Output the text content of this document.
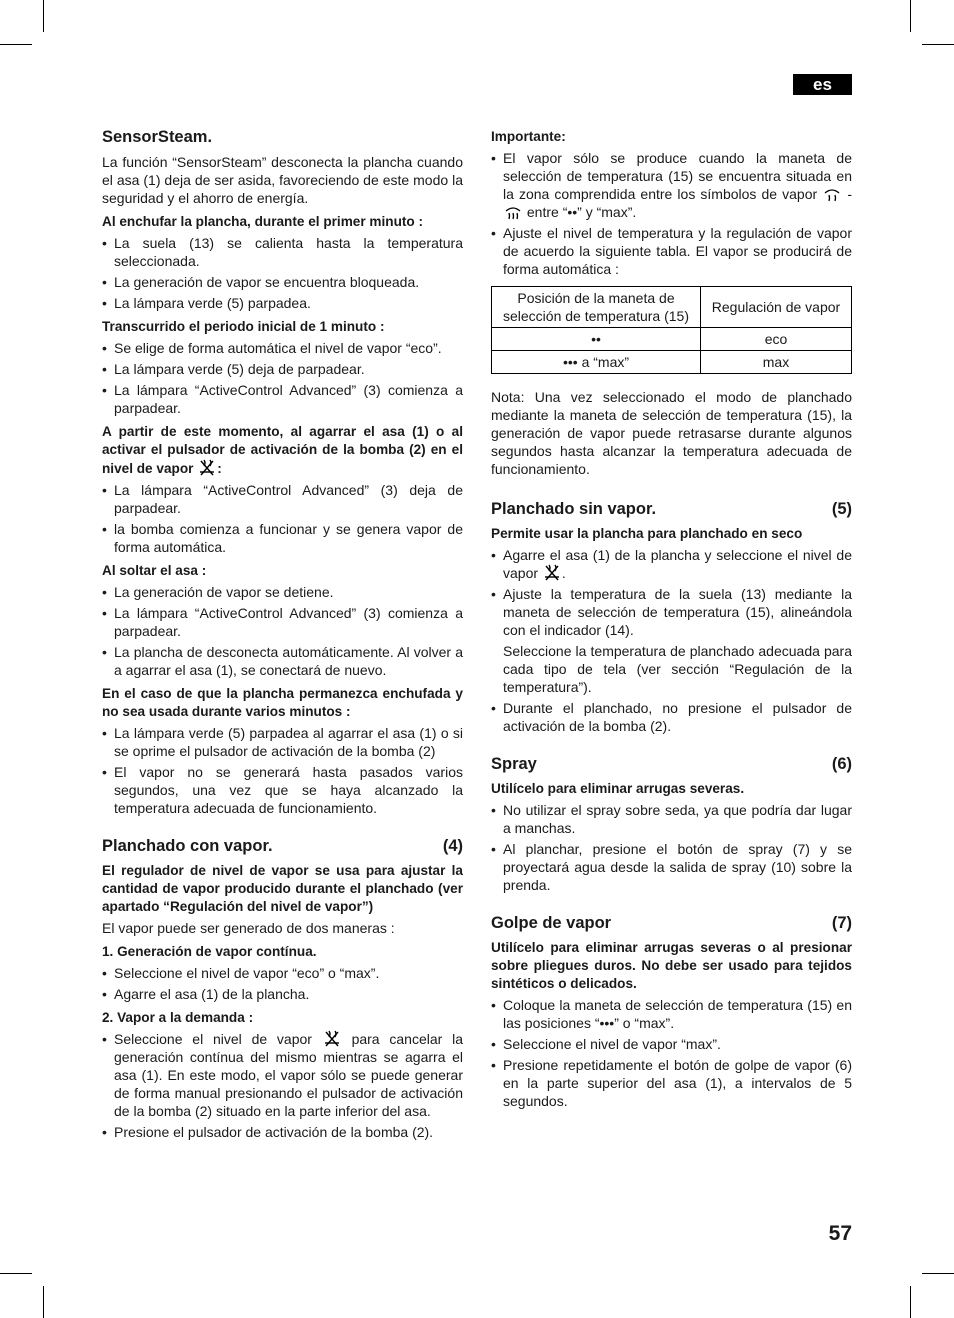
es
SensorSteam.

La función “SensorSteam” desconecta la plancha cuando el asa (1) deja de ser asida, favoreciendo de este modo la seguridad y el ahorro de energía.

Al enchufar la plancha, durante el primer minuto :
• La suela (13) se calienta hasta la temperatura seleccionada.
• La generación de vapor se encuentra bloqueada.
• La lámpara verde (5) parpadea.
Transcurrido el periodo inicial de 1 minuto :
• Se elige de forma automática el nivel de vapor “eco”.
• La lámpara verde (5) deja de parpadear.
• La lámpara “ActiveControl Advanced” (3) comienza a parpadear.
A partir de este momento, al agarrar el asa (1) o al activar el pulsador de activación de la bomba (2) en el nivel de vapor :
• La lámpara “ActiveControl Advanced” (3) deja de parpadear.
• la bomba comienza a funcionar y se genera vapor de forma automática.
Al soltar el asa :
• La generación de vapor se detiene.
• La lámpara “ActiveControl Advanced” (3) comienza a parpadear.
• La plancha de desconecta automáticamente. Al volver a a agarrar el asa (1), se conectará de nuevo.
En el caso de que la plancha permanezca enchufada y no sea usada durante varios minutos :
• La lámpara verde (5) parpadea al agarrar el asa (1) o si se oprime el pulsador de activación de la bomba (2)
• El vapor no se generará hasta pasados varios segundos, una vez que se haya alcanzado la temperatura adecuada de funcionamiento.
Planchado con vapor.	(4)
El regulador de nivel de vapor se usa para ajustar la cantidad de vapor producido durante el planchado (ver apartado “Regulación del nivel de vapor”)

El vapor puede ser generado de dos maneras :

1. Generación de vapor contínua.
• Seleccione el nivel de vapor “eco” o “max”.
• Agarre el asa (1) de la plancha.
2. Vapor a la demanda :
• Seleccione el nivel de vapor	para cancelar la generación contínua del mismo mientras se agarra el asa (1). En este modo, el vapor sólo se puede generar de forma manual presionando el pulsador de activación de la bomba (2) situado en la parte inferior del asa.
• Presione el pulsador de activación de la bomba (2).
Importante:
• El vapor sólo se produce cuando la maneta de selección de temperatura (15) se encuentra situada en la zona comprendida entre los símbolos de vapor -  entre “••” y “max”.
• Ajuste el nivel de temperatura y la regulación de vapor de acuerdo la siguiente tabla. El vapor se producirá de forma automática :
Posición de la maneta de selección de temperatura (15)	Regulación de vapor
••	eco
••• a “max”	max

Nota: Una vez seleccionado el modo de planchado mediante la maneta de selección de temperatura (15), la generación de vapor puede retrasarse durante algunos segundos hasta alcanzar la temperatura adecuada de funcionamiento.

Planchado sin vapor.	(5)
Permite usar la plancha para planchado en seco
• Agarre el asa (1) de la plancha y seleccione el nivel de vapor .
• Ajuste la temperatura de la suela (13) mediante la maneta de selección de temperatura (15), alineándola con el indicador (14).
Seleccione la temperatura de planchado adecuada para cada tipo de tela (ver sección “Regulación de la temperatura”).
• Durante el planchado, no presione el pulsador de activación de la bomba (2).
Spray	(6)
Utilícelo para eliminar arrugas severas.
• No utilizar el spray sobre seda, ya que podría dar lugar a manchas.
• Al planchar, presione el botón de spray (7) y se proyectará agua desde la salida de spray (10) sobre la prenda.
Golpe de vapor	(7)
Utilícelo para eliminar arrugas severas o al presionar sobre pliegues duros. No debe ser usado para tejidos sintéticos o delicados.
• Coloque la maneta de selección de temperatura (15) en las posiciones “•••” o “max”.
• Seleccione el nivel de vapor “max”.
• Presione repetidamente el botón de golpe de vapor (6) en la parte superior del asa (1), a intervalos de 5 segundos.
57
